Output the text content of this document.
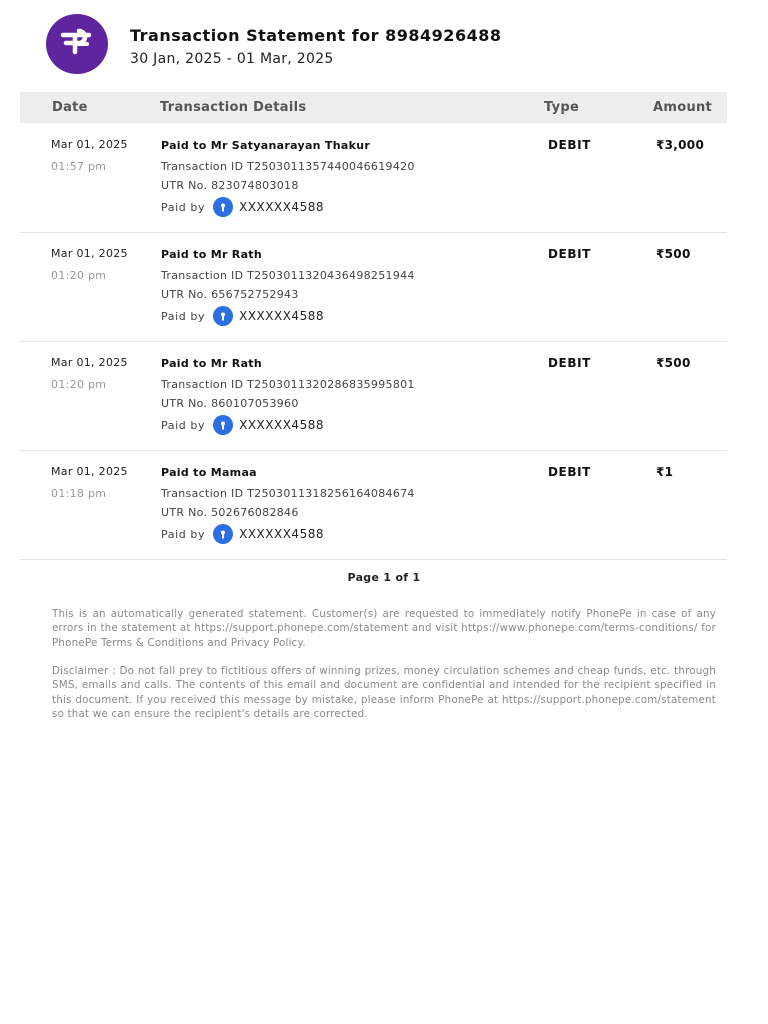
Transaction Statement for 8984926488
30 Jan, 2025 - 01 Mar, 2025
Date	Transaction Details	Type	Amount
Mar 01, 2025
01:57 pm
Paid to Mr Satyanarayan Thakur
Transaction ID T2503011357440046619420
UTR No. 823074803018
Paid by	XXXXXX4588
DEBIT	₹3,000
Mar 01, 2025
01:20 pm
Paid to Mr Rath
Transaction ID T2503011320436498251944
UTR No. 656752752943
Paid by	XXXXXX4588
DEBIT	₹500
Mar 01, 2025
01:20 pm
Paid to Mr Rath
Transaction ID T2503011320286835995801
UTR No. 860107053960
Paid by	XXXXXX4588
DEBIT	₹500
Mar 01, 2025
01:18 pm
Paid to Mamaa
Transaction ID T2503011318256164084674
UTR No. 502676082846
Paid by	XXXXXX4588
DEBIT	₹1
Page 1 of 1
This is an automatically generated statement. Customer(s) are requested to immediately notify PhonePe in case of any errors in the statement at https://support.phonepe.com/statement and visit https://www.phonepe.com/terms-conditions/ for PhonePe Terms & Conditions and Privacy Policy.
Disclaimer : Do not fall prey to fictitious offers of winning prizes, money circulation schemes and cheap funds, etc. through SMS, emails and calls. The contents of this email and document are confidential and intended for the recipient specified in this document. If you received this message by mistake, please inform PhonePe at https://support.phonepe.com/statement so that we can ensure the recipient's details are corrected.
